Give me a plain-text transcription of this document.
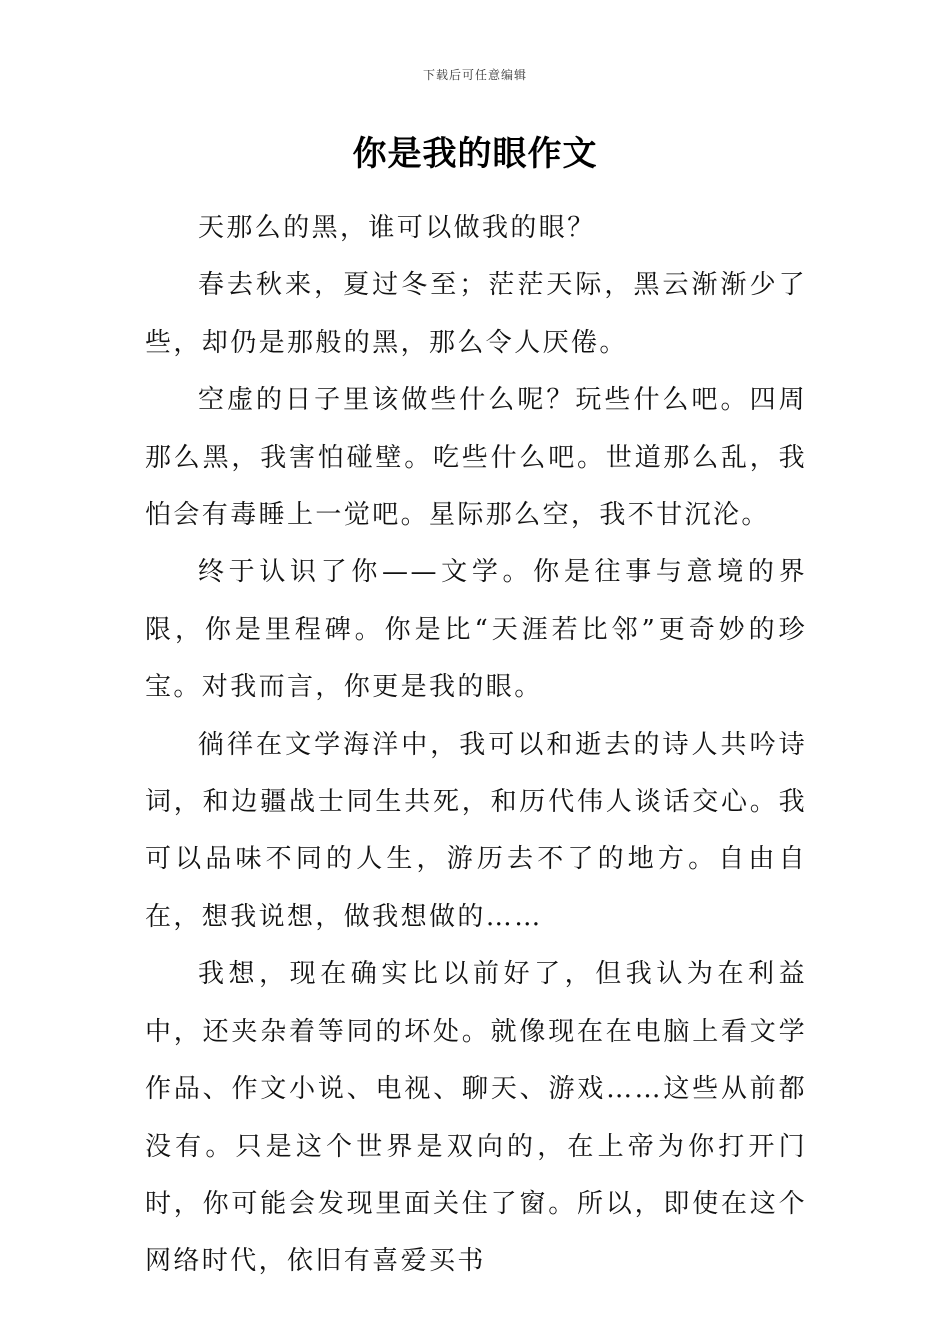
下载后可任意编辑
你是我的眼作文

天那么的黑，谁可以做我的眼？

春去秋来，夏过冬至；茫茫天际，黑云渐渐少了些，却仍是那般的黑，那么令人厌倦。

空虚的日子里该做些什么呢？玩些什么吧。四周那么黑，我害怕碰壁。吃些什么吧。世道那么乱，我怕会有毒睡上一觉吧。星际那么空，我不甘沉沦。

终于认识了你——文学。你是往事与意境的界限，你是里程碑。你是比“天涯若比邻”更奇妙的珍宝。对我而言，你更是我的眼。

徜徉在文学海洋中，我可以和逝去的诗人共吟诗词，和边疆战士同生共死，和历代伟人谈话交心。我可以品味不同的人生，游历去不了的地方。自由自在，想我说想，做我想做的……

我想，现在确实比以前好了，但我认为在利益中，还夹杂着等同的坏处。就像现在在电脑上看文学作品、作文小说、电视、聊天、游戏……这些从前都没有。只是这个世界是双向的，在上帝为你打开门时，你可能会发现里面关住了窗。所以，即使在这个网络时代，依旧有喜爱买书
